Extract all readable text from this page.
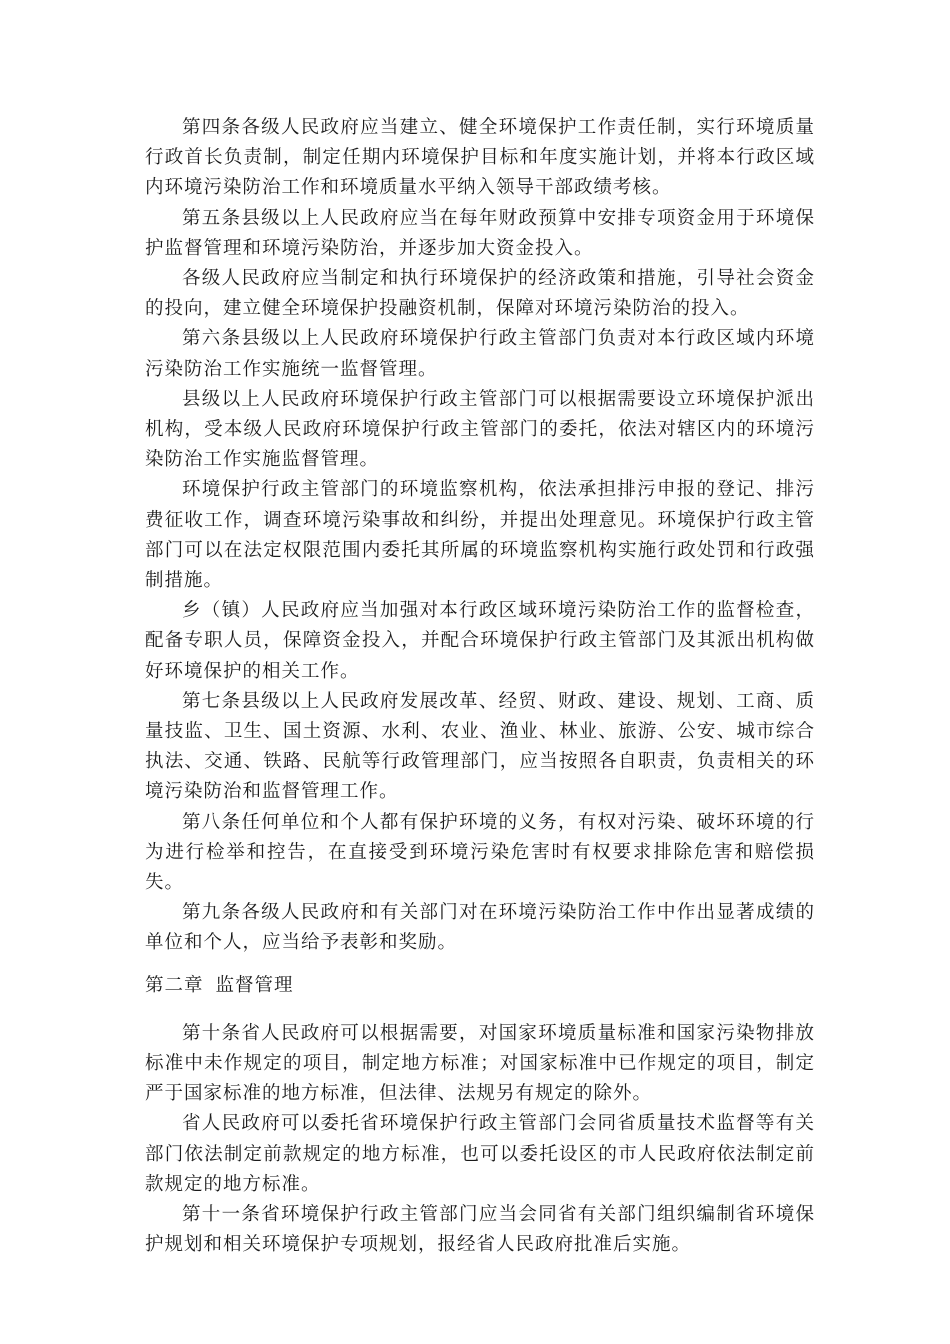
第四条各级人民政府应当建立、健全环境保护工作责任制，实行环境质量行政首长负责制，制定任期内环境保护目标和年度实施计划，并将本行政区域内环境污染防治工作和环境质量水平纳入领导干部政绩考核。

第五条县级以上人民政府应当在每年财政预算中安排专项资金用于环境保护监督管理和环境污染防治，并逐步加大资金投入。

各级人民政府应当制定和执行环境保护的经济政策和措施，引导社会资金的投向，建立健全环境保护投融资机制，保障对环境污染防治的投入。

第六条县级以上人民政府环境保护行政主管部门负责对本行政区域内环境污染防治工作实施统一监督管理。

县级以上人民政府环境保护行政主管部门可以根据需要设立环境保护派出机构，受本级人民政府环境保护行政主管部门的委托，依法对辖区内的环境污染防治工作实施监督管理。

环境保护行政主管部门的环境监察机构，依法承担排污申报的登记、排污费征收工作，调查环境污染事故和纠纷，并提出处理意见。环境保护行政主管部门可以在法定权限范围内委托其所属的环境监察机构实施行政处罚和行政强制措施。

乡（镇）人民政府应当加强对本行政区域环境污染防治工作的监督检查，配备专职人员，保障资金投入，并配合环境保护行政主管部门及其派出机构做好环境保护的相关工作。

第七条县级以上人民政府发展改革、经贸、财政、建设、规划、工商、质量技监、卫生、国土资源、水利、农业、渔业、林业、旅游、公安、城市综合执法、交通、铁路、民航等行政管理部门，应当按照各自职责，负责相关的环境污染防治和监督管理工作。

第八条任何单位和个人都有保护环境的义务，有权对污染、破坏环境的行为进行检举和控告，在直接受到环境污染危害时有权要求排除危害和赔偿损失。

第九条各级人民政府和有关部门对在环境污染防治工作中作出显著成绩的单位和个人，应当给予表彰和奖励。

第二章 监督管理

第十条省人民政府可以根据需要，对国家环境质量标准和国家污染物排放标准中未作规定的项目，制定地方标准；对国家标准中已作规定的项目，制定严于国家标准的地方标准，但法律、法规另有规定的除外。

省人民政府可以委托省环境保护行政主管部门会同省质量技术监督等有关部门依法制定前款规定的地方标准，也可以委托设区的市人民政府依法制定前款规定的地方标准。

第十一条省环境保护行政主管部门应当会同省有关部门组织编制省环境保护规划和相关环境保护专项规划，报经省人民政府批准后实施。
